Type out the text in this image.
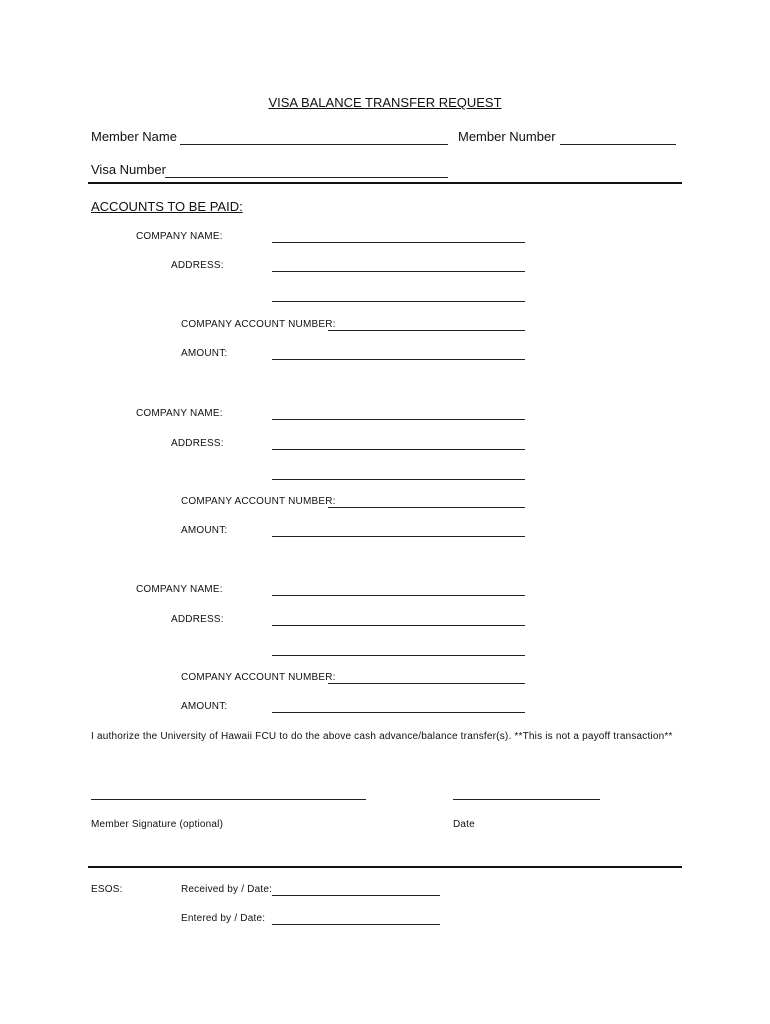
VISA BALANCE TRANSFER REQUEST
Member Name	Member Number
Visa Number
ACCOUNTS TO BE PAID:
COMPANY NAME:
ADDRESS:
COMPANY ACCOUNT NUMBER:
AMOUNT:
COMPANY NAME:
ADDRESS:
COMPANY ACCOUNT NUMBER:
AMOUNT:
COMPANY NAME:
ADDRESS:
COMPANY ACCOUNT NUMBER:
AMOUNT:
I authorize the University of Hawaii FCU to do the above cash advance/balance transfer(s). **This is not a payoff transaction**
Member Signature (optional)	Date
ESOS:	Received by / Date:
Entered by / Date:
